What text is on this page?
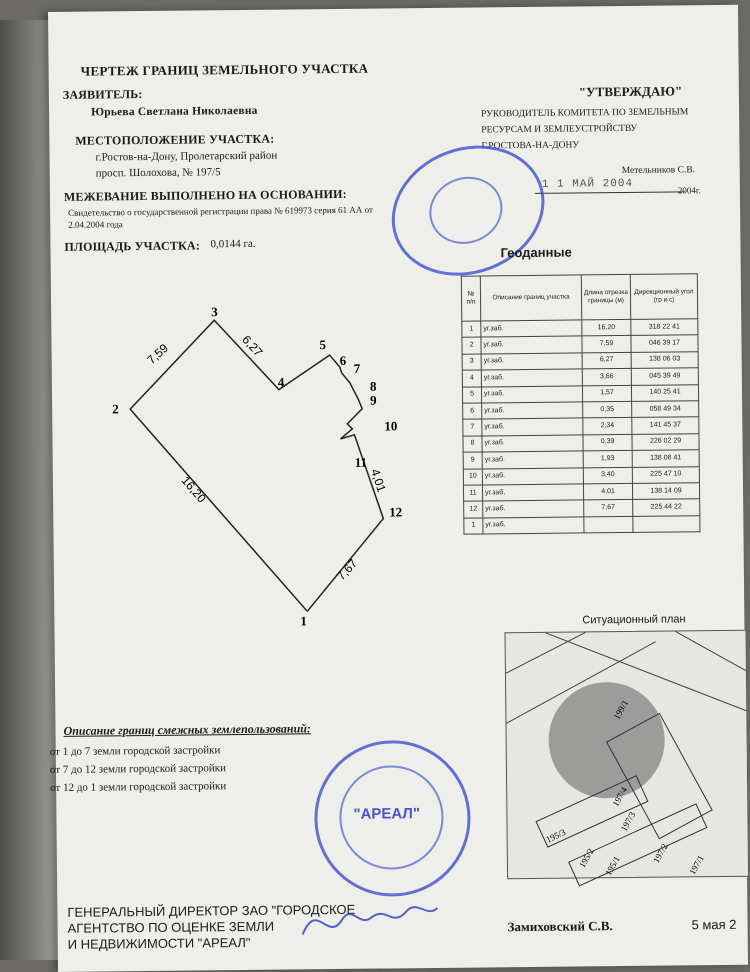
ЧЕРТЕЖ ГРАНИЦ ЗЕМЕЛЬНОГО УЧАСТКА
ЗАЯВИТЕЛЬ:
Юрьева Светлана Николаевна
МЕСТОПОЛОЖЕНИЕ УЧАСТКА:
г.Ростов-на-Дону, Пролетарский район
просп. Шолохова, № 197/5
МЕЖЕВАНИЕ ВЫПОЛНЕНО НА ОСНОВАНИИ:
Свидетельство о государственной регистрации права № 619973 серия 61 АА от
2.04.2004 года
ПЛОЩАДЬ УЧАСТКА: 0,0144 га.
"УТВЕРЖДАЮ"
РУКОВОДИТЕЛЬ КОМИТЕТА ПО ЗЕМЕЛЬНЫМ
РЕСУРСАМ И ЗЕМЛЕУСТРОЙСТВУ
Г.РОСТОВА-НА-ДОНУ
Метельников С.В.
1 1 МАЙ 2004	2004г.
1
2
3
4
5
6
7
8
9
10
11
12
7,59	6,27
16,20	4,01
7,67
Геоданные
№ п/п	Описание границ участка	Длина отрезка границы (м)	Дирекционный угол (гр и с)
1	уг.заб.	16,20	318 22 41
2	уг.заб.	7,59	046 39 17
3	уг.заб.	6,27	138 06 03
4	уг.заб.	3,66	045 39 49
5	уг.заб.	1,57	140 25 41
6	уг.заб.	0,35	058 49 34
7	уг.заб.	2,34	141 45 37
8	уг.заб.	0,39	226 02 29
9	уг.заб.	1,93	138 08 41
10	уг.заб.	3,40	225 47 10
11	уг.заб.	4,01	138 14 09
12	уг.заб.	7,67	225 44 22
1	уг.заб.		
Ситуационный план
199/1
197/4
197/3
195/3
195/2	197/2
195/1	197/1
Описание границ смежных землепользований:
от 1 до 7 земли городской застройки
от 7 до 12 земли городской застройки
от 12 до 1 земли городской застройки
"АРЕАЛ"
ГЕНЕРАЛЬНЫЙ ДИРЕКТОР ЗАО "ГОРОДСКОЕ
АГЕНТСТВО ПО ОЦЕНКЕ ЗЕМЛИ
И НЕДВИЖИМОСТИ "АРЕАЛ"
Замиховский С.В.	5 мая 2
